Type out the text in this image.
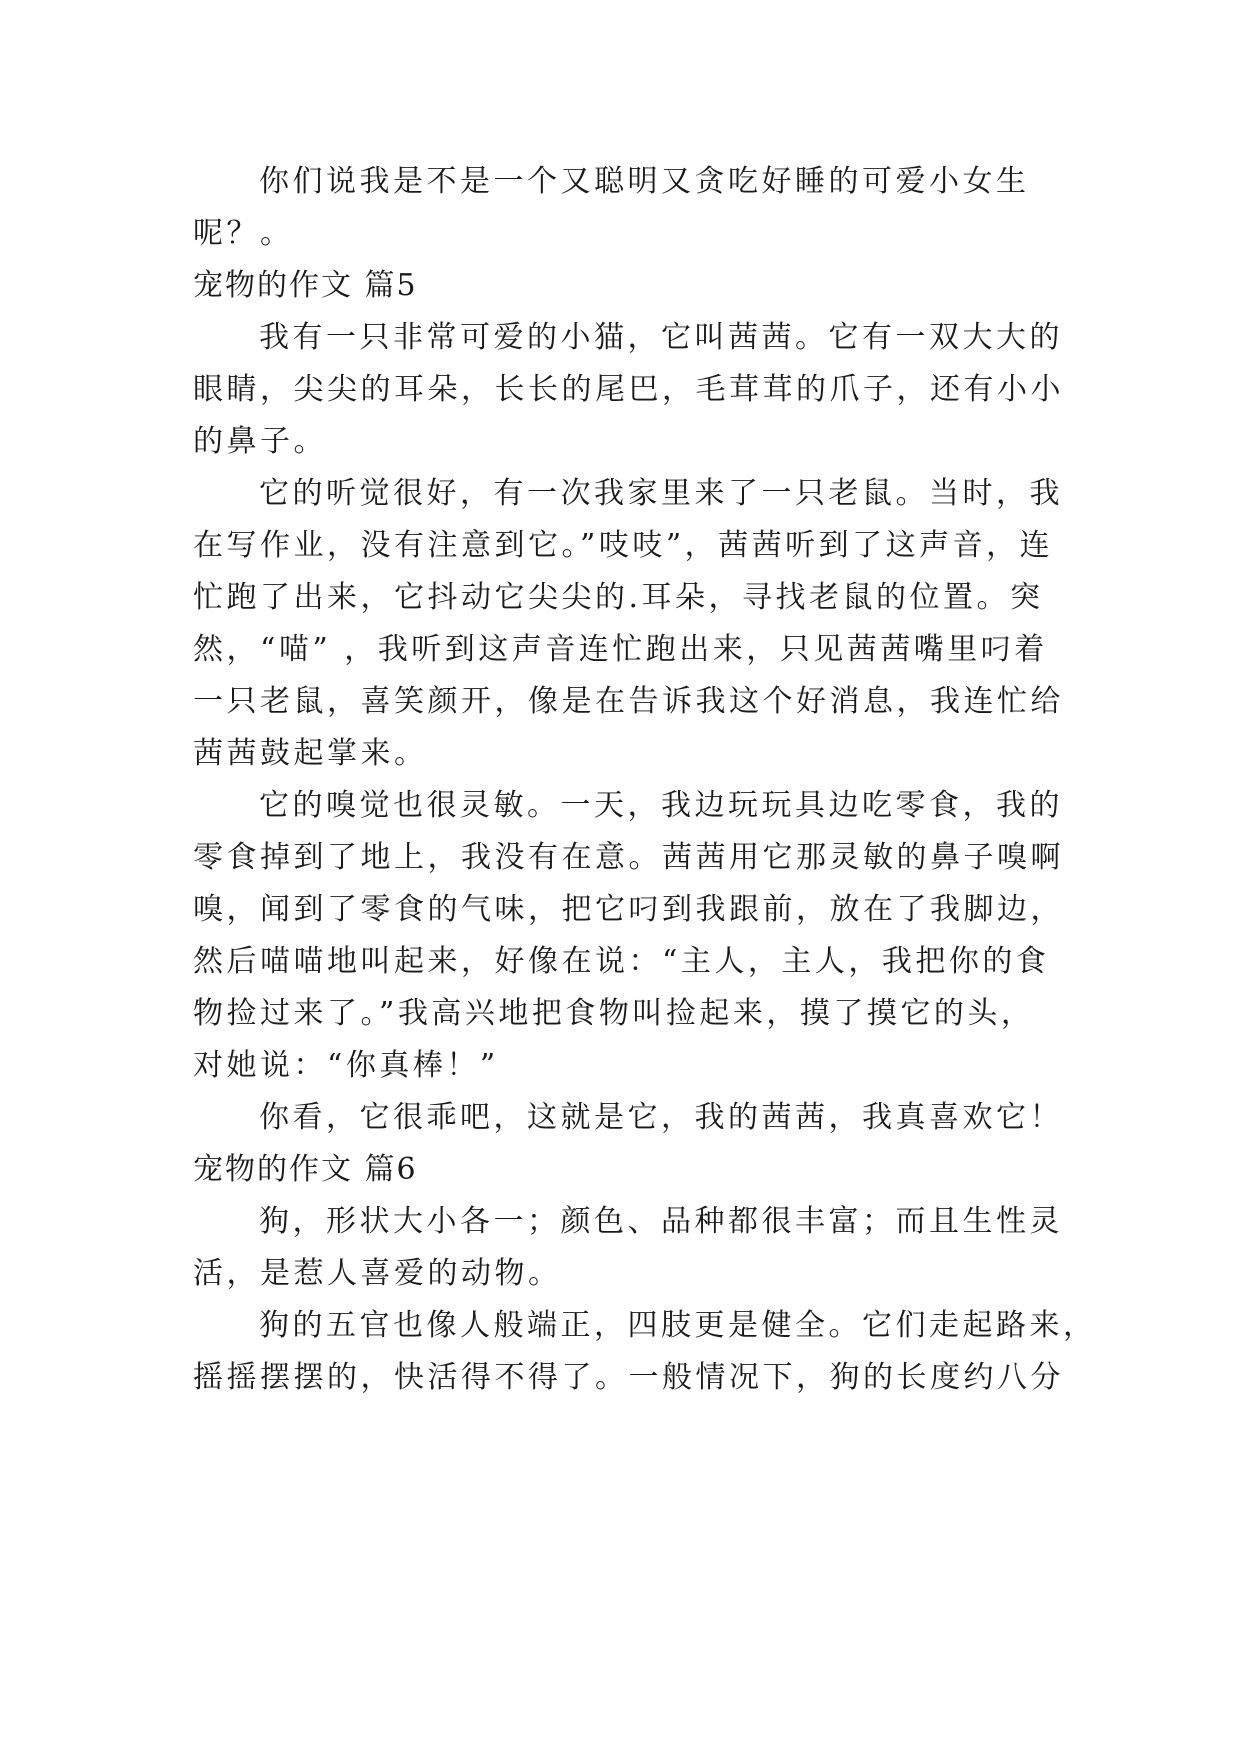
你们说我是不是一个又聪明又贪吃好睡的可爱小女生
呢？。
宠物的作文 篇5
我有一只非常可爱的小猫，它叫茜茜。它有一双大大的
眼睛，尖尖的耳朵，长长的尾巴，毛茸茸的爪子，还有小小
的鼻子。
它的听觉很好，有一次我家里来了一只老鼠。当时，我
在写作业，没有注意到它。”吱吱”，茜茜听到了这声音，连
忙跑了出来，它抖动它尖尖的.耳朵，寻找老鼠的位置。突
然，“喵” ，我听到这声音连忙跑出来，只见茜茜嘴里叼着
一只老鼠，喜笑颜开，像是在告诉我这个好消息，我连忙给
茜茜鼓起掌来。
它的嗅觉也很灵敏。一天，我边玩玩具边吃零食，我的
零食掉到了地上，我没有在意。茜茜用它那灵敏的鼻子嗅啊
嗅，闻到了零食的气味，把它叼到我跟前，放在了我脚边，
然后喵喵地叫起来，好像在说：“主人，主人，我把你的食
物捡过来了。”我高兴地把食物叫捡起来，摸了摸它的头，
对她说：“你真棒！”
你看，它很乖吧，这就是它，我的茜茜，我真喜欢它！
宠物的作文 篇6
狗，形状大小各一；颜色、品种都很丰富；而且生性灵
活，是惹人喜爱的动物。
狗的五官也像人般端正，四肢更是健全。它们走起路来，
摇摇摆摆的，快活得不得了。一般情况下，狗的长度约八分
